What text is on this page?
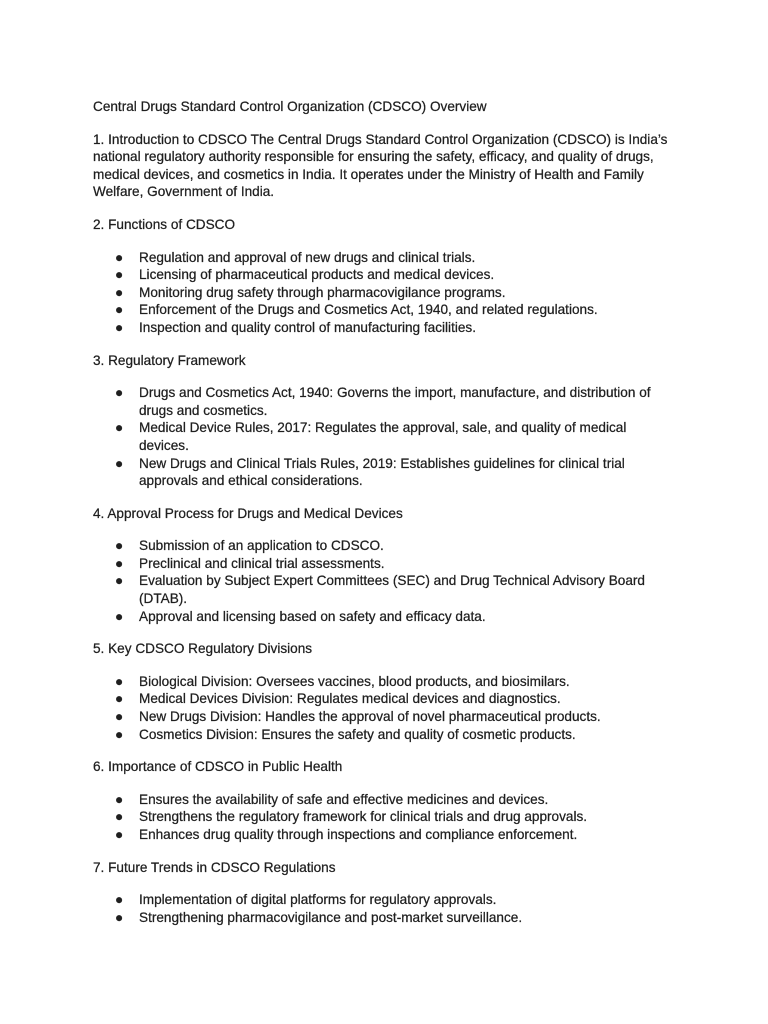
Central Drugs Standard Control Organization (CDSCO) Overview
1. Introduction to CDSCO The Central Drugs Standard Control Organization (CDSCO) is India’s national regulatory authority responsible for ensuring the safety, efficacy, and quality of drugs, medical devices, and cosmetics in India. It operates under the Ministry of Health and Family Welfare, Government of India.
2. Functions of CDSCO
● Regulation and approval of new drugs and clinical trials.
● Licensing of pharmaceutical products and medical devices.
● Monitoring drug safety through pharmacovigilance programs.
● Enforcement of the Drugs and Cosmetics Act, 1940, and related regulations.
● Inspection and quality control of manufacturing facilities.
3. Regulatory Framework
● Drugs and Cosmetics Act, 1940: Governs the import, manufacture, and distribution of drugs and cosmetics.
● Medical Device Rules, 2017: Regulates the approval, sale, and quality of medical devices.
● New Drugs and Clinical Trials Rules, 2019: Establishes guidelines for clinical trial approvals and ethical considerations.
4. Approval Process for Drugs and Medical Devices
● Submission of an application to CDSCO.
● Preclinical and clinical trial assessments.
● Evaluation by Subject Expert Committees (SEC) and Drug Technical Advisory Board (DTAB).
● Approval and licensing based on safety and efficacy data.
5. Key CDSCO Regulatory Divisions
● Biological Division: Oversees vaccines, blood products, and biosimilars.
● Medical Devices Division: Regulates medical devices and diagnostics.
● New Drugs Division: Handles the approval of novel pharmaceutical products.
● Cosmetics Division: Ensures the safety and quality of cosmetic products.
6. Importance of CDSCO in Public Health
● Ensures the availability of safe and effective medicines and devices.
● Strengthens the regulatory framework for clinical trials and drug approvals.
● Enhances drug quality through inspections and compliance enforcement.
7. Future Trends in CDSCO Regulations
● Implementation of digital platforms for regulatory approvals.
● Strengthening pharmacovigilance and post-market surveillance.
